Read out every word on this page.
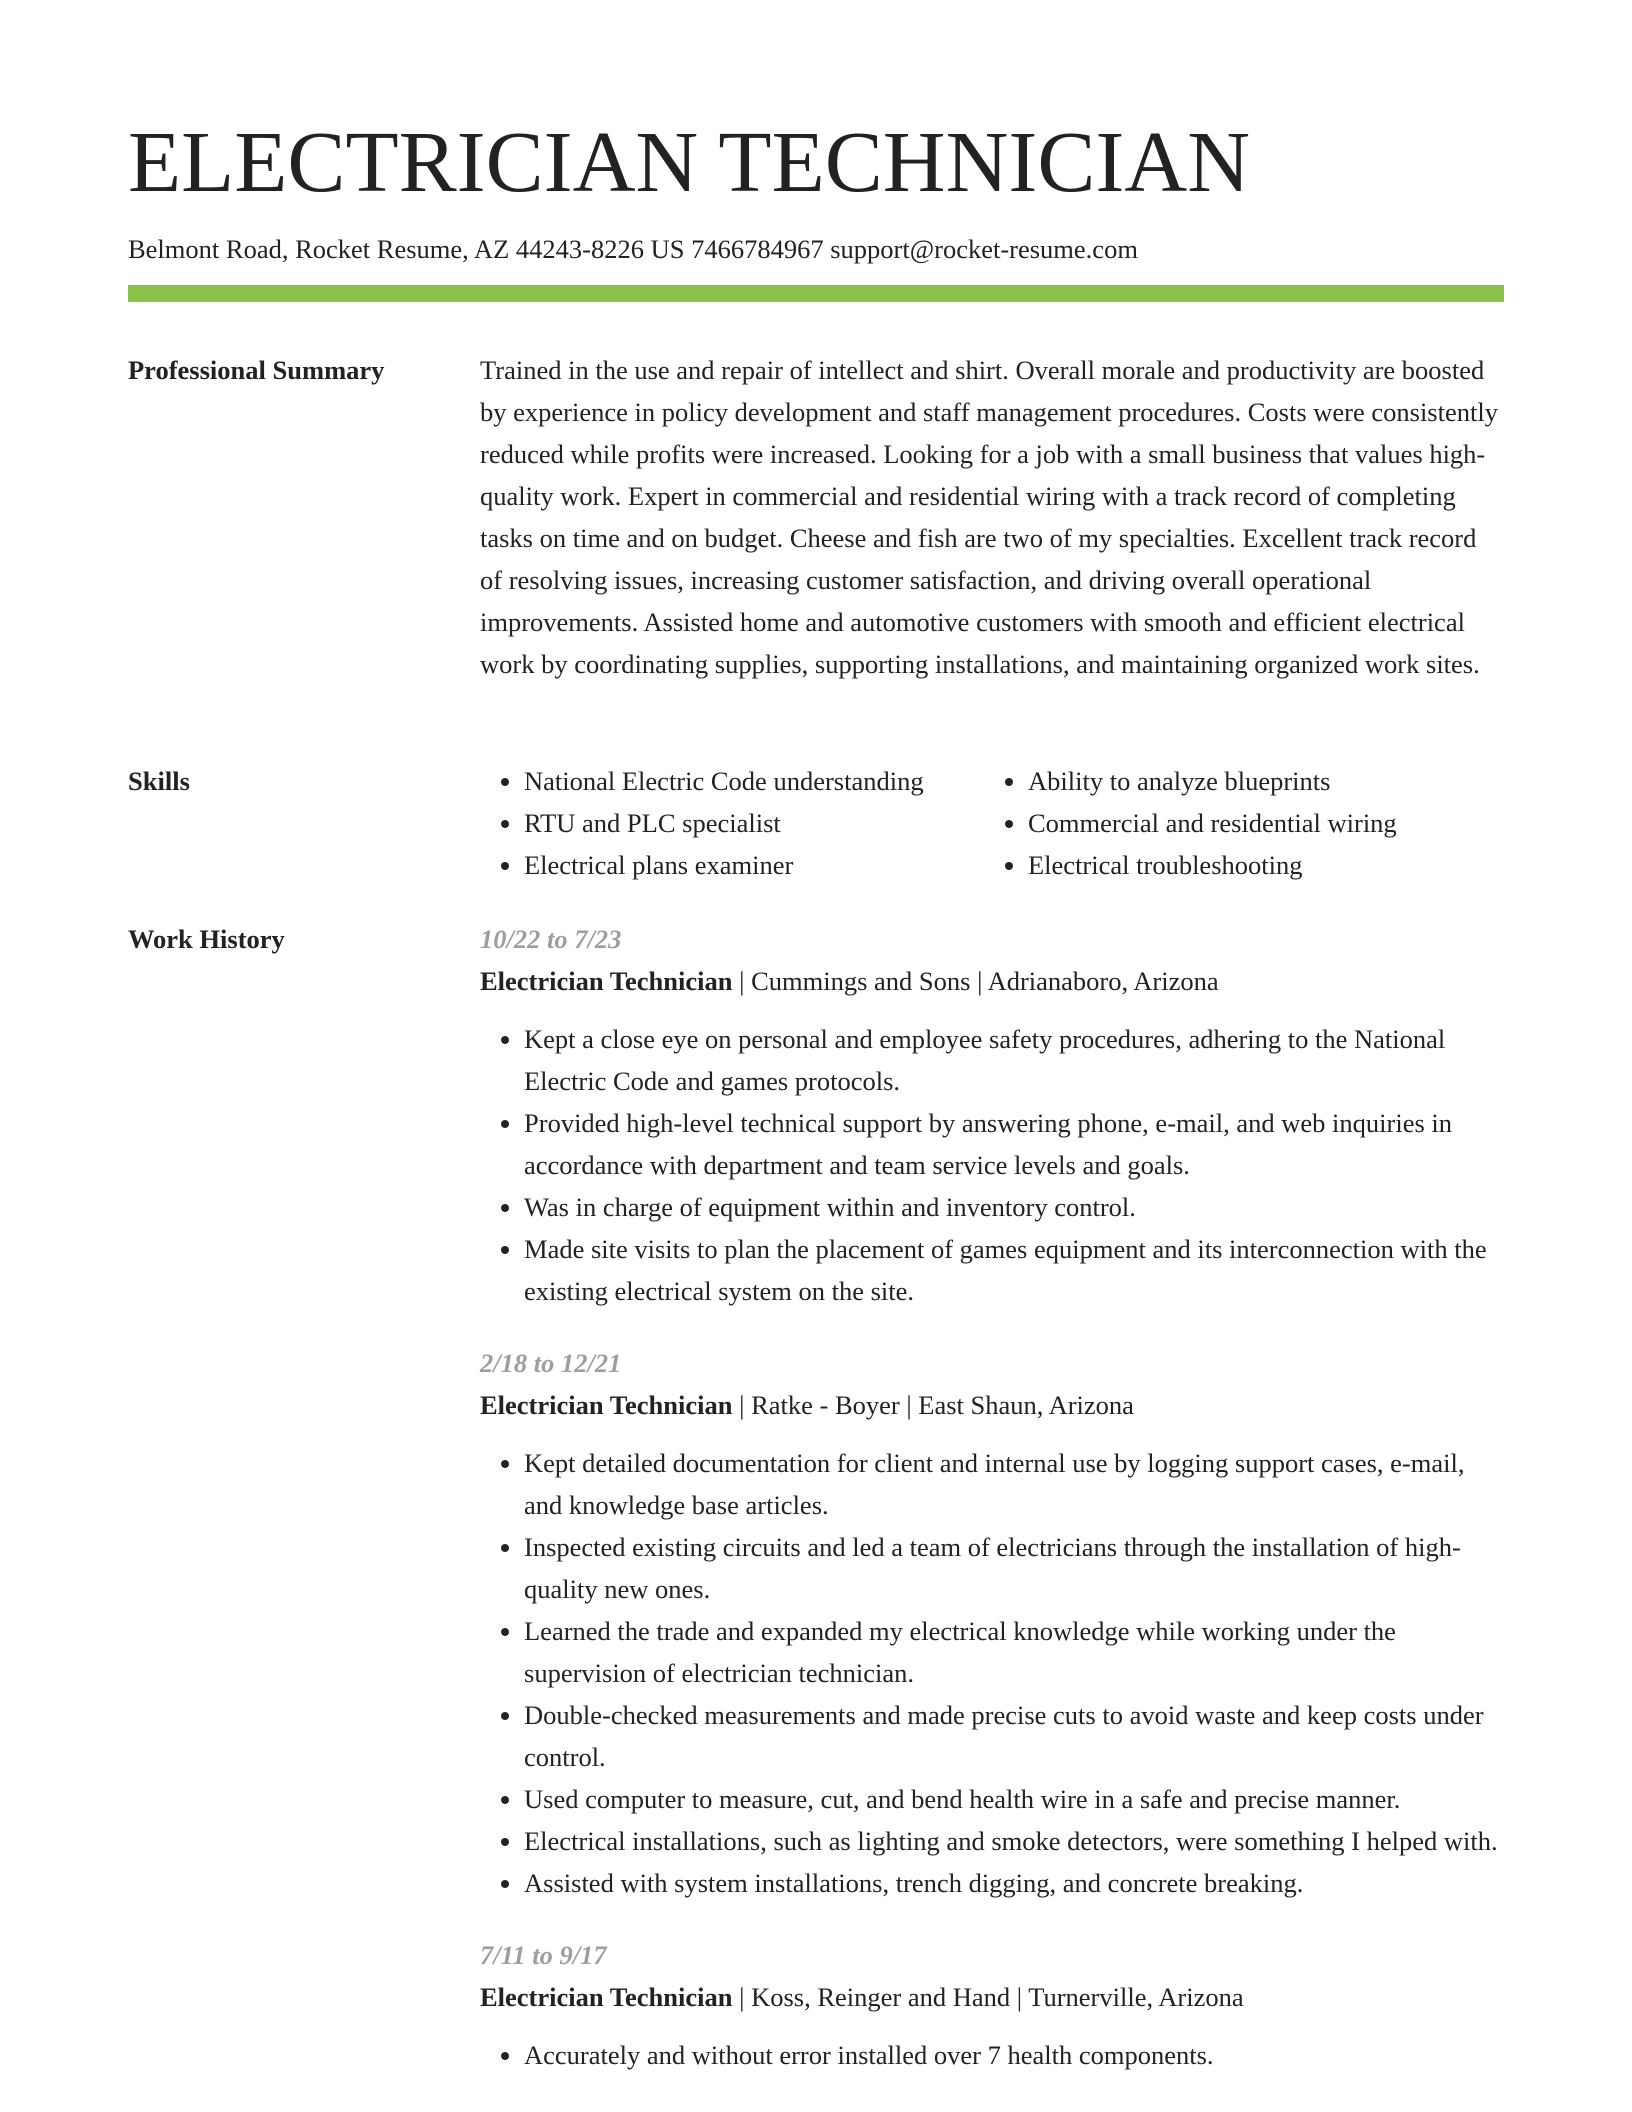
ELECTRICIAN TECHNICIAN
Belmont Road, Rocket Resume, AZ 44243-8226 US 7466784967 support@rocket-resume.com
Professional Summary	Trained in the use and repair of intellect and shirt. Overall morale and productivity are boosted by experience in policy development and staff management procedures. Costs were consistently reduced while profits were increased. Looking for a job with a small business that values high-quality work. Expert in commercial and residential wiring with a track record of completing tasks on time and on budget. Cheese and fish are two of my specialties. Excellent track record of resolving issues, increasing customer satisfaction, and driving overall operational improvements. Assisted home and automotive customers with smooth and efficient electrical work by coordinating supplies, supporting installations, and maintaining organized work sites.

Skills
•	National Electric Code understanding
• RTU and PLC specialist
• Electrical plans examiner
• Ability to analyze blueprints
• Commercial and residential wiring
• Electrical troubleshooting
Work History	10/22 to 7/23
Electrician Technician | Cummings and Sons | Adrianaboro, Arizona
• Kept a close eye on personal and employee safety procedures, adhering to the National Electric Code and games protocols.
• Provided high-level technical support by answering phone, e-mail, and web inquiries in accordance with department and team service levels and goals.
• Was in charge of equipment within and inventory control.
• Made site visits to plan the placement of games equipment and its interconnection with the existing electrical system on the site.
2/18 to 12/21
Electrician Technician | Ratke - Boyer | East Shaun, Arizona
• Kept detailed documentation for client and internal use by logging support cases, e-mail, and knowledge base articles.
• Inspected existing circuits and led a team of electricians through the installation of high-quality new ones.
• Learned the trade and expanded my electrical knowledge while working under the supervision of electrician technician.
• Double-checked measurements and made precise cuts to avoid waste and keep costs under control.
• Used computer to measure, cut, and bend health wire in a safe and precise manner.
• Electrical installations, such as lighting and smoke detectors, were something I helped with.
• Assisted with system installations, trench digging, and concrete breaking.
7/11 to 9/17
Electrician Technician | Koss, Reinger and Hand | Turnerville, Arizona
• Accurately and without error installed over 7 health components.
